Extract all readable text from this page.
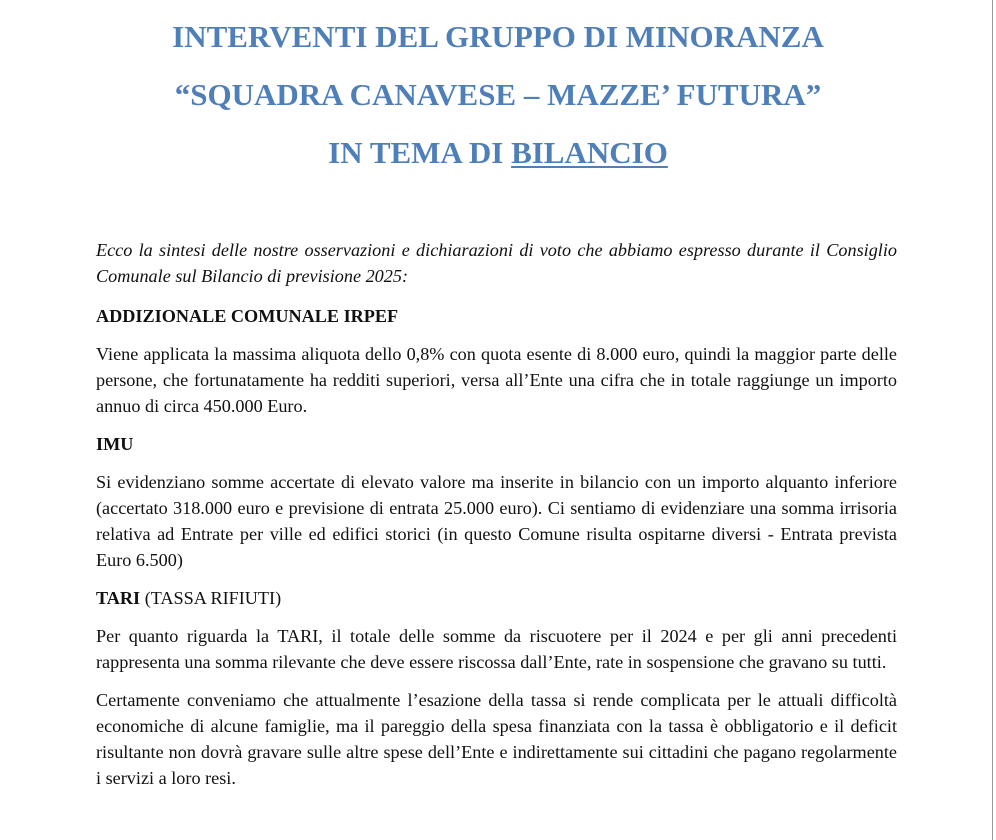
INTERVENTI DEL GRUPPO DI MINORANZA
“SQUADRA CANAVESE – MAZZE’ FUTURA”
IN TEMA DI BILANCIO

Ecco la sintesi delle nostre osservazioni e dichiarazioni di voto che abbiamo espresso durante il Consiglio Comunale sul Bilancio di previsione 2025:

ADDIZIONALE COMUNALE IRPEF

Viene applicata la massima aliquota dello 0,8% con quota esente di 8.000 euro, quindi la maggior parte delle persone, che fortunatamente ha redditi superiori, versa all’Ente una cifra che in totale raggiunge un importo annuo di circa 450.000 Euro.

IMU

Si evidenziano somme accertate di elevato valore ma inserite in bilancio con un importo alquanto inferiore (accertato 318.000 euro e previsione di entrata 25.000 euro). Ci sentiamo di evidenziare una somma irrisoria relativa ad Entrate per ville ed edifici storici (in questo Comune risulta ospitarne diversi - Entrata prevista Euro 6.500)

TARI (TASSA RIFIUTI)

Per quanto riguarda la TARI, il totale delle somme da riscuotere per il 2024 e per gli anni precedenti rappresenta una somma rilevante che deve essere riscossa dall’Ente, rate in sospensione che gravano su tutti.

Certamente conveniamo che attualmente l’esazione della tassa si rende complicata per le attuali difficoltà economiche di alcune famiglie, ma il pareggio della spesa finanziata con la tassa è obbligatorio e il deficit risultante non dovrà gravare sulle altre spese dell’Ente e indirettamente sui cittadini che pagano regolarmente i servizi a loro resi.
